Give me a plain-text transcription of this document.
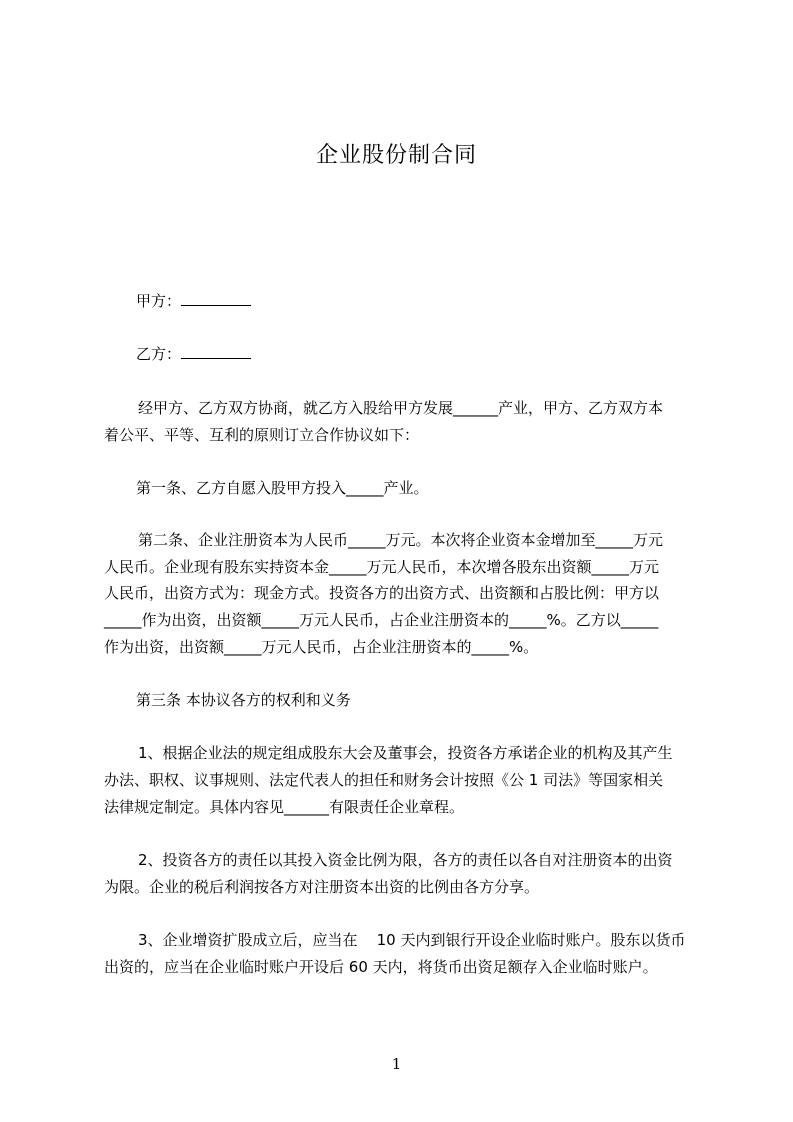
企业股份制合同
甲方：
乙方：
经甲方、乙方双方协商，就乙方入股给甲方发展______产业，甲方、乙方双方本
着公平、平等、互利的原则订立合作协议如下：
第一条、乙方自愿入股甲方投入_____产业。
第二条、企业注册资本为人民币_____万元。本次将企业资本金增加至_____万元
人民币。企业现有股东实持资本金_____万元人民币，本次增各股东出资额_____万元
人民币，出资方式为：现金方式。投资各方的出资方式、出资额和占股比例：甲方以
_____作为出资，出资额_____万元人民币，占企业注册资本的_____%。乙方以_____
作为出资，出资额_____万元人民币，占企业注册资本的_____%。
第三条 本协议各方的权利和义务
1、根据企业法的规定组成股东大会及董事会，投资各方承诺企业的机构及其产生
办法、职权、议事规则、法定代表人的担任和财务会计按照《公 1 司法》等国家相关
法律规定制定。具体内容见______有限责任企业章程。
2、投资各方的责任以其投入资金比例为限，各方的责任以各自对注册资本的出资
为限。企业的税后利润按各方对注册资本出资的比例由各方分享。
3、企业增资扩股成立后，应当在    10 天内到银行开设企业临时账户。股东以货币
出资的，应当在企业临时账户开设后 60 天内，将货币出资足额存入企业临时账户。
1
